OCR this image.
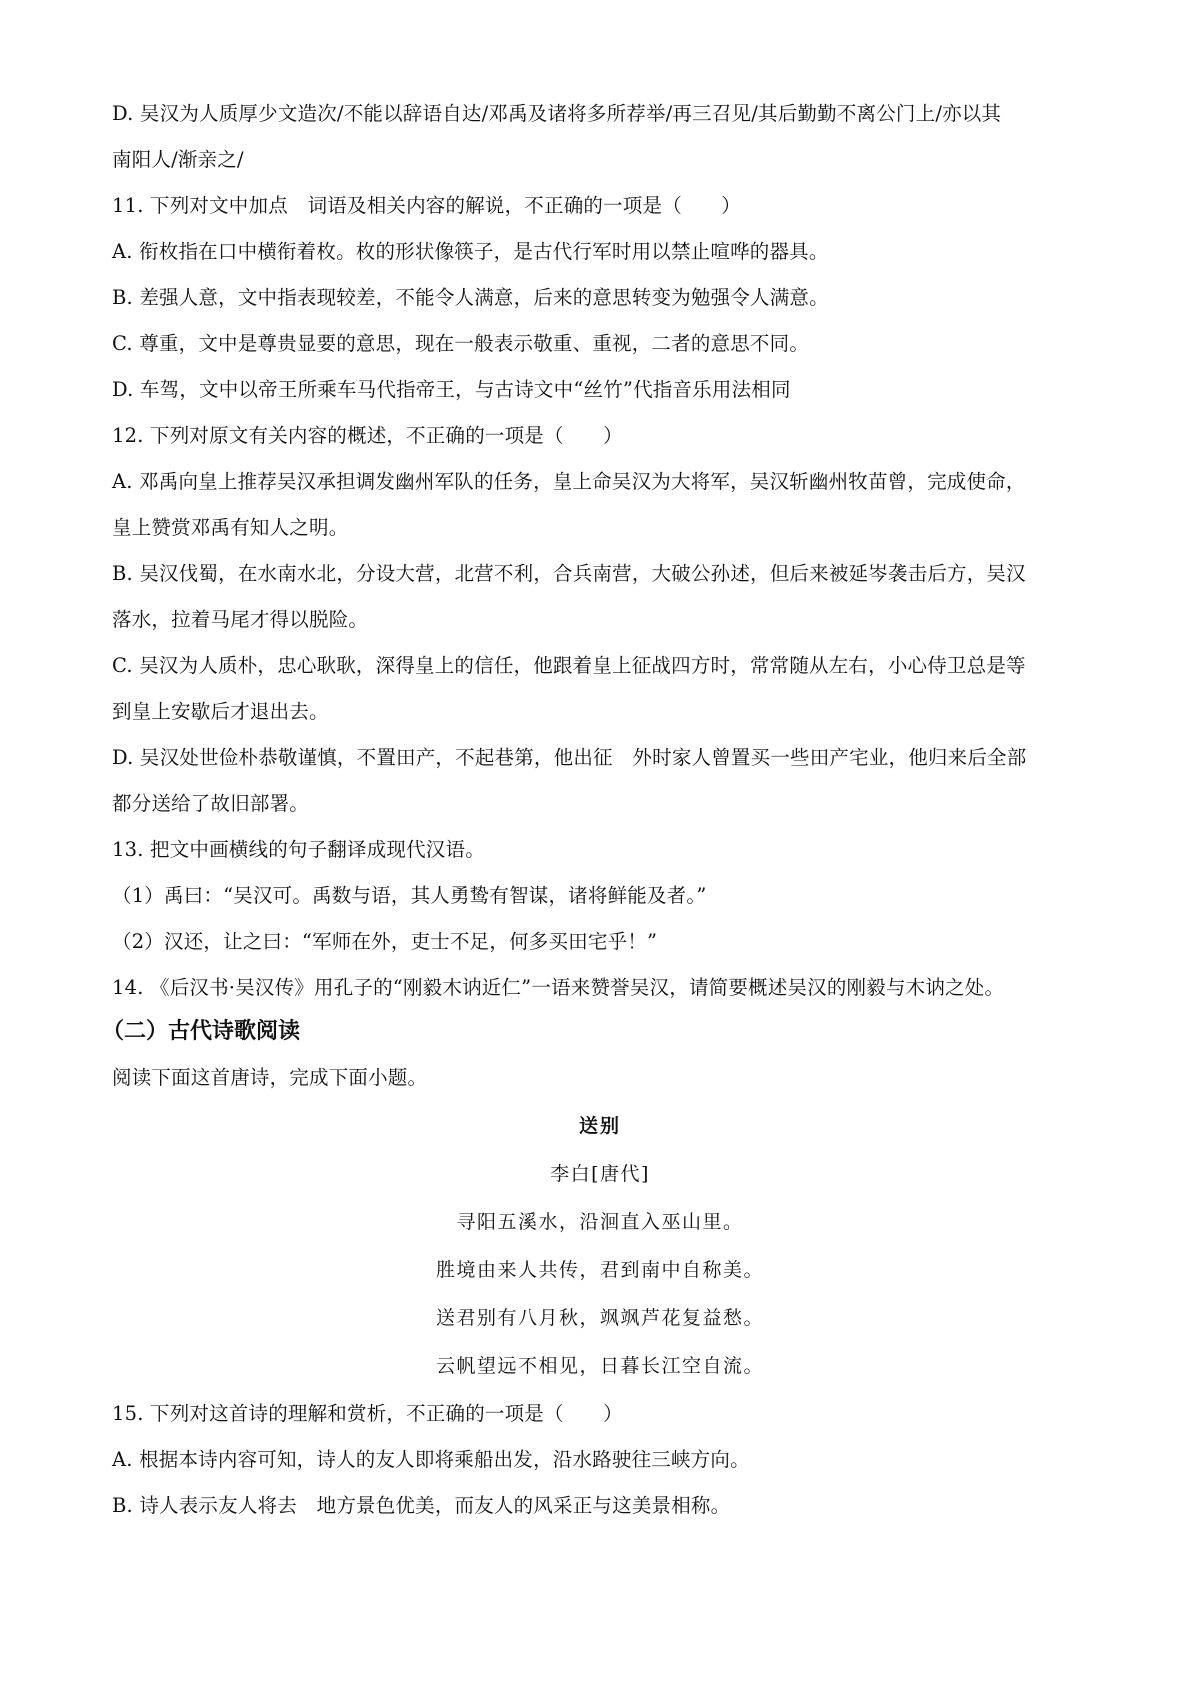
D. 吴汉为人质厚少文造次/不能以辞语自达/邓禹及诸将多所荐举/再三召见/其后勤勤不离公门上/亦以其
南阳人/渐亲之/
11. 下列对文中加点　词语及相关内容的解说，不正确的一项是（　　）
A. 衔枚指在口中横衔着枚。枚的形状像筷子，是古代行军时用以禁止喧哗的器具。
B. 差强人意，文中指表现较差，不能令人满意，后来的意思转变为勉强令人满意。
C. 尊重，文中是尊贵显要的意思，现在一般表示敬重、重视，二者的意思不同。
D. 车驾，文中以帝王所乘车马代指帝王，与古诗文中“丝竹”代指音乐用法相同
12. 下列对原文有关内容的概述，不正确的一项是（　　）
A. 邓禹向皇上推荐吴汉承担调发幽州军队的任务，皇上命吴汉为大将军，吴汉斩幽州牧苗曾，完成使命，
皇上赞赏邓禹有知人之明。
B. 吴汉伐蜀，在水南水北，分设大营，北营不利，合兵南营，大破公孙述，但后来被延岑袭击后方，吴汉
落水，拉着马尾才得以脱险。
C. 吴汉为人质朴，忠心耿耿，深得皇上的信任，他跟着皇上征战四方时，常常随从左右，小心侍卫总是等
到皇上安歇后才退出去。
D. 吴汉处世俭朴恭敬谨慎，不置田产，不起巷第，他出征　外时家人曾置买一些田产宅业，他归来后全部
都分送给了故旧部署。
13. 把文中画横线的句子翻译成现代汉语。
（1）禹曰：“吴汉可。禹数与语，其人勇鸷有智谋，诸将鲜能及者。”
（2）汉还，让之曰：“军师在外，吏士不足，何多买田宅乎！”
14. 《后汉书·吴汉传》用孔子的“刚毅木讷近仁”一语来赞誉吴汉，请简要概述吴汉的刚毅与木讷之处。
（二）古代诗歌阅读
阅读下面这首唐诗，完成下面小题。
送别
李白[唐代]
寻阳五溪水，沿洄直入巫山里。
胜境由来人共传，君到南中自称美。
送君别有八月秋，飒飒芦花复益愁。
云帆望远不相见，日暮长江空自流。
15. 下列对这首诗的理解和赏析，不正确的一项是（　　）
A. 根据本诗内容可知，诗人的友人即将乘船出发，沿水路驶往三峡方向。
B. 诗人表示友人将去　地方景色优美，而友人的风采正与这美景相称。
